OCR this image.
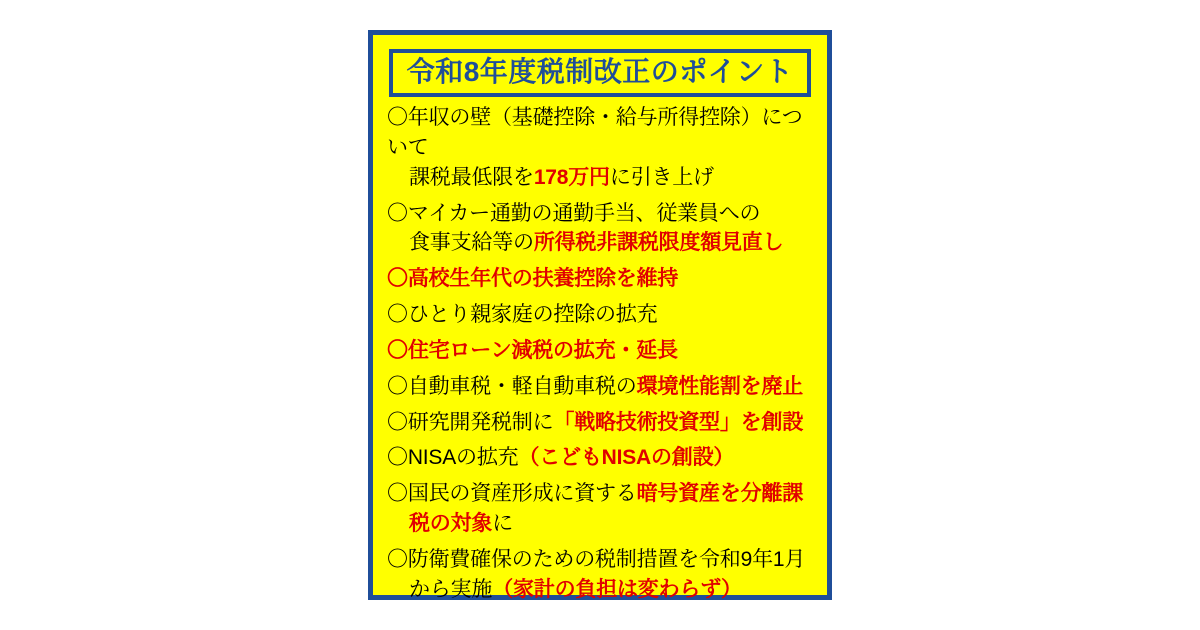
令和8年度税制改正のポイント
〇年収の壁（基礎控除・給与所得控除）について
課税最低限を178万円に引き上げ
〇マイカー通勤の通勤手当、従業員への
食事支給等の所得税非課税限度額見直し
〇高校生年代の扶養控除を維持
〇ひとり親家庭の控除の拡充
〇住宅ローン減税の拡充・延長
〇自動車税・軽自動車税の環境性能割を廃止
〇研究開発税制に「戦略技術投資型」を創設
〇NISAの拡充（こどもNISAの創設）
〇国民の資産形成に資する暗号資産を分離課
税の対象に
〇防衛費確保のための税制措置を令和9年1月
から実施（家計の負担は変わらず）
